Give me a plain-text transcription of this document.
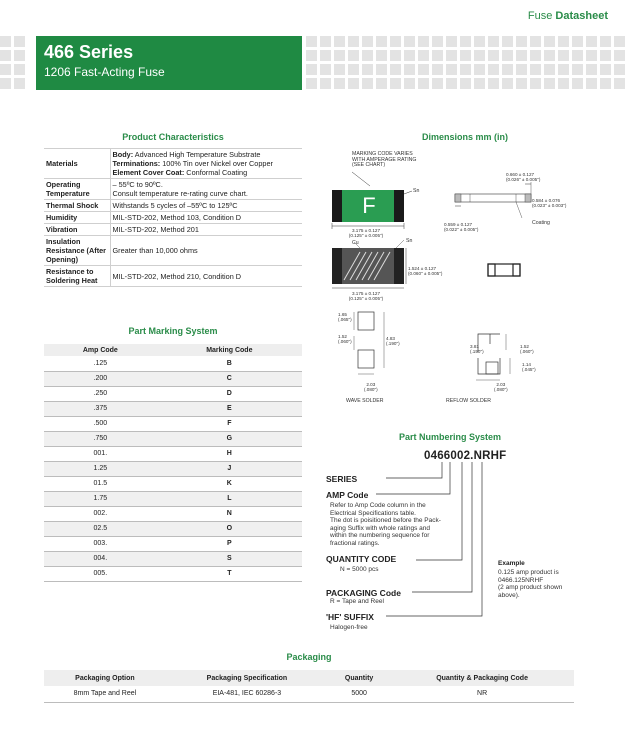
Fuse Datasheet
466 Series
1206 Fast-Acting Fuse
Product Characteristics
Materials	Body: Advanced High Temperature Substrate
Terminations: 100% Tin over Nickel over Copper
Element Cover Coat: Conformal Coating

Operating Temperature	– 55ºC to 90ºC.
Consult temperature re-rating curve chart.
Thermal Shock	Withstands 5 cycles of –55ºC to 125ºC
Humidity	MIL-STD-202, Method 103, Condition D
Vibration	MIL-STD-202, Method 201
Insulation Resistance (After Opening)	Greater than 10,000 ohms
Resistance to Soldering Heat	MIL-STD-202, Method 210, Condition D
Part Marking System
Amp Code	Marking Code
.125	B
.200	C
.250	D
.375	E
.500	F
.750	G
001.	H
1.25	J
01.5	K
1.75	L
002.	N
02.5	O
003.	P
004.	S
005.	T
Dimensions mm (in)
MARKING CODE VARIES
WITH AMPERAGE RATING
(SEE CHART)
F
Sn
3.175 ± 0.127
(0.125" ± 0.005")
0.660 ± 0.127
(0.026" ± 0.005")
0.584 ± 0.076
(0.023" ± 0.003")
0.559 ± 0.127
(0.022" ± 0.005")
Coating
Cu	Sn
1.524 ± 0.127
(0.060" ± 0.005")
3.175 ± 0.127
(0.125" ± 0.005")
1.65
(.065")
1.52
(.060")
4.83
(.190")
2.03
(.080")
WAVE SOLDER
3.81
(.150")
1.52
(.060")
1.14
(.045")
2.03
(.080")
REFLOW SOLDER
Part Numbering System
0466002.NRHF
SERIES
AMP Code
Refer to Amp Code column in the
Electrical Specifications table.
The dot is poisitioned before the Pack-
aging Suffix with whole ratings and
within the numbering sequence for
fractional ratings.
QUANTITY CODE
N = 5000 pcs
PACKAGING Code
R = Tape and Reel
'HF' SUFFIX
Halogen-free
Example
0.125 amp product is
0466.125NRHF
(2 amp product shown
above).
Packaging
Packaging Option	Packaging Specification	Quantity	Quantity & Packaging Code
8mm Tape and Reel	EIA-481, IEC 60286-3	5000	NR
